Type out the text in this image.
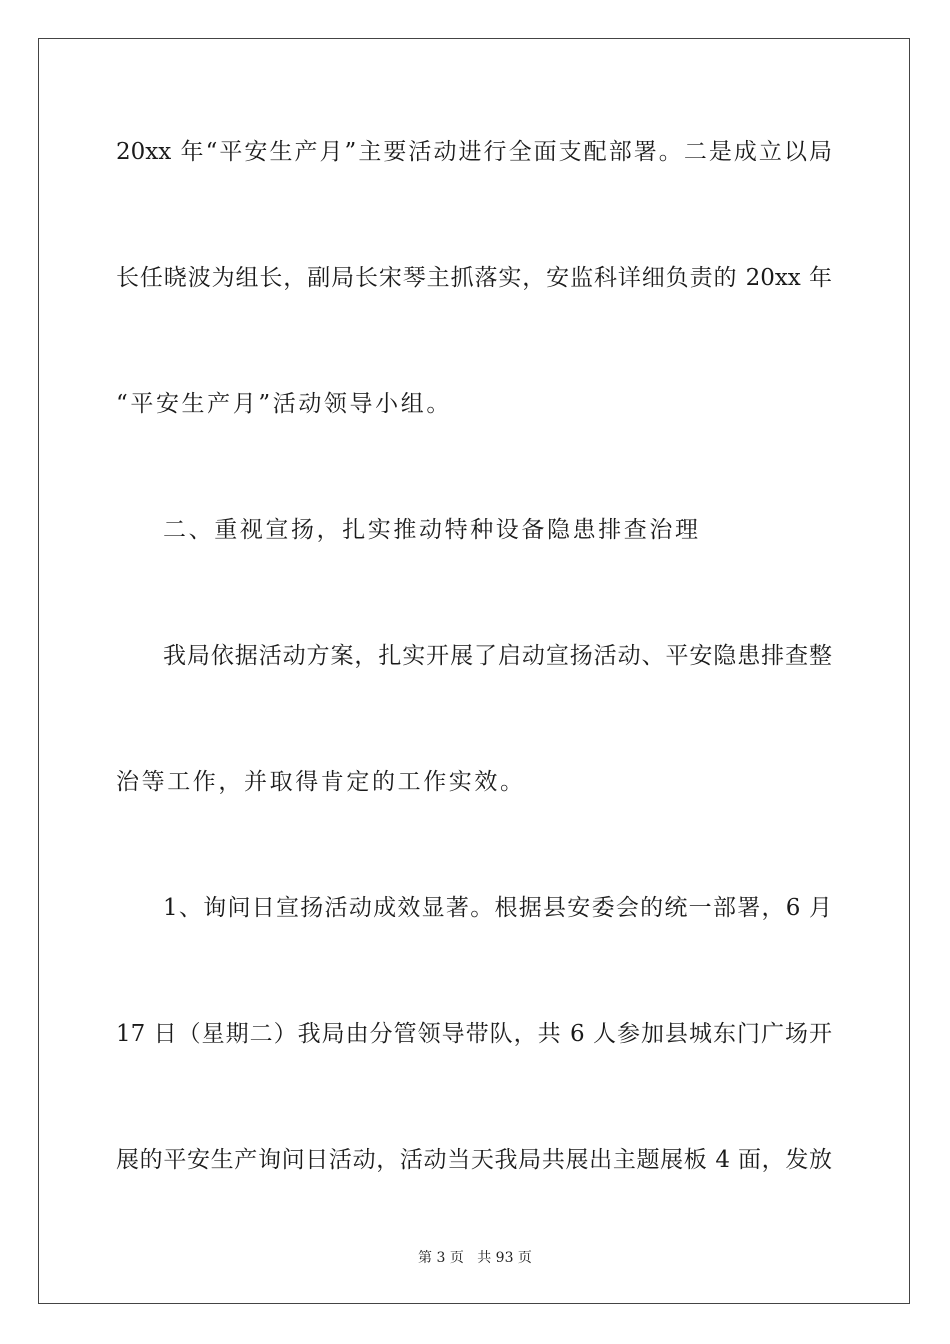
20xx 年“平安生产月”主要活动进行全面支配部署。二是成立以局
长任晓波为组长，副局长宋琴主抓落实，安监科详细负责的 20xx 年
“平安生产月”活动领导小组。
二、重视宣扬，扎实推动特种设备隐患排查治理
我局依据活动方案，扎实开展了启动宣扬活动、平安隐患排查整
治等工作，并取得肯定的工作实效。
1、询问日宣扬活动成效显著。根据县安委会的统一部署，6 月
17 日（星期二）我局由分管领导带队，共 6 人参加县城东门广场开
展的平安生产询问日活动，活动当天我局共展出主题展板 4 面，发放
第 3 页 共 93 页
